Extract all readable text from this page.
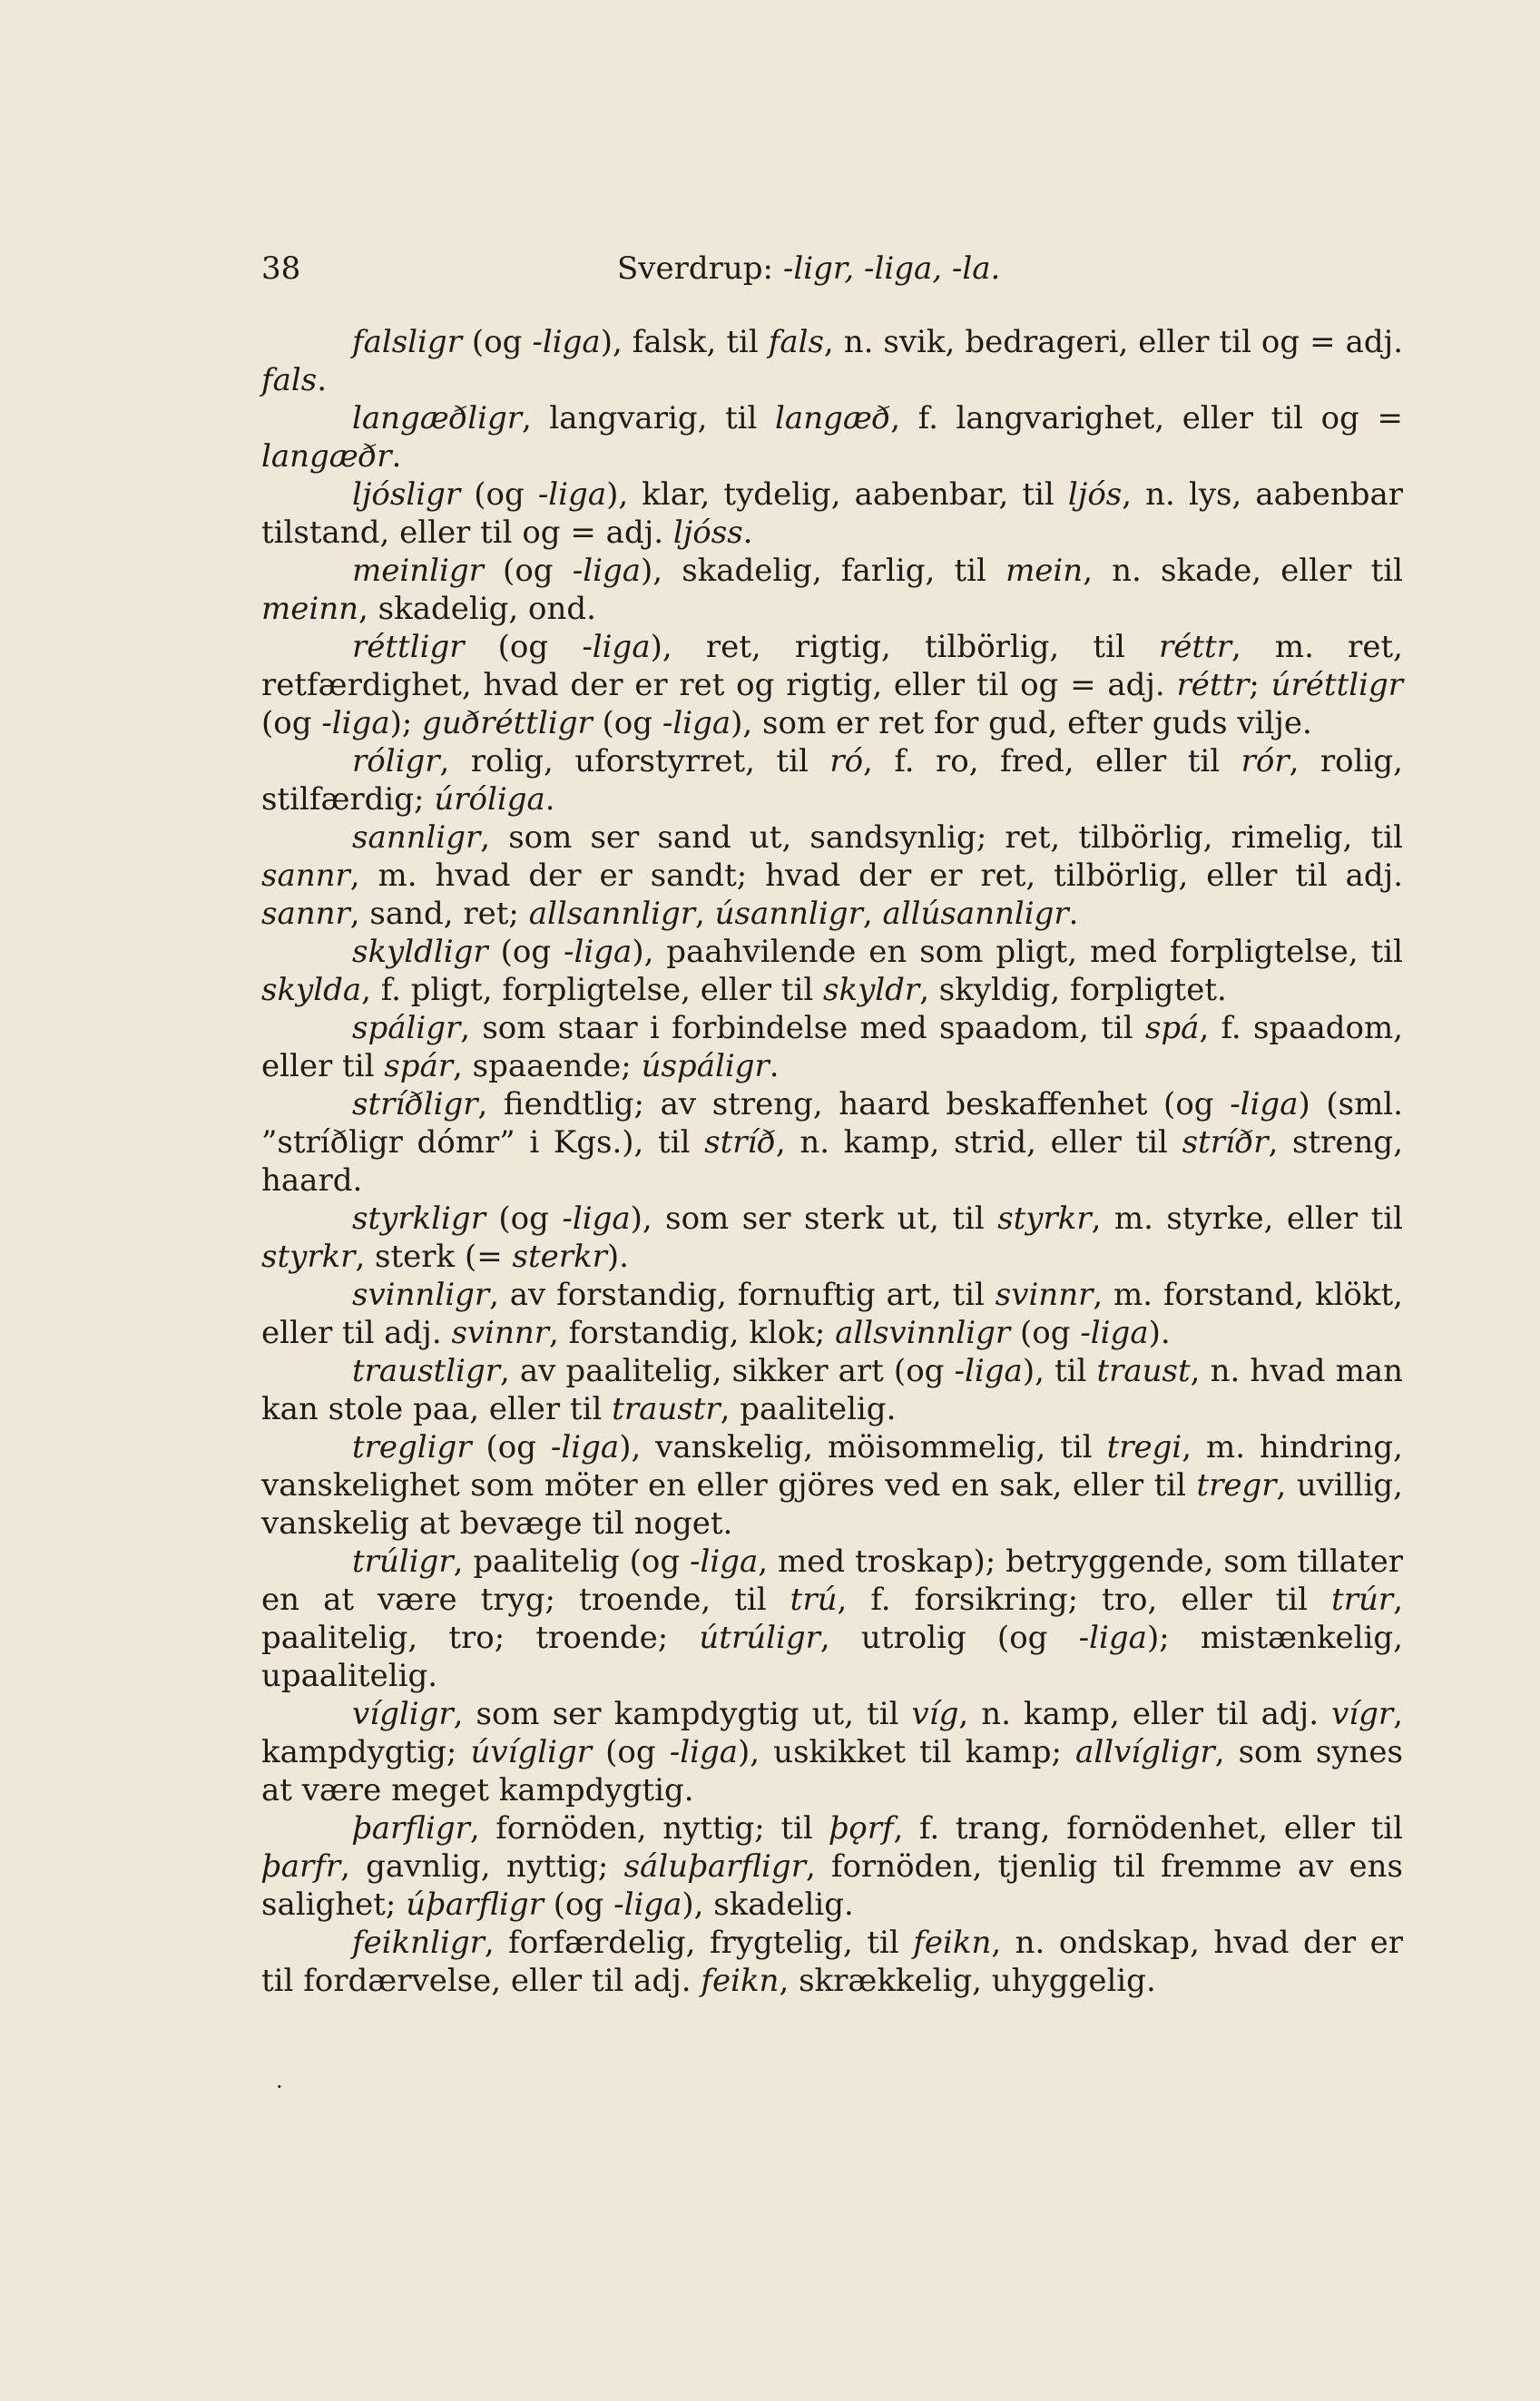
38	Sverdrup: -ligr, -liga, -la.

falsligr (og -liga), falsk, til fals, n. svik, bedrageri, eller til og = adj. fals.

langæðligr, langvarig, til langæð, f. langvarighet, eller til og = langæðr.

ljósligr (og -liga), klar, tydelig, aabenbar, til ljós, n. lys, aabenbar tilstand, eller til og = adj. ljóss.

meinligr (og -liga), skadelig, farlig, til mein, n. skade, eller til meinn, skadelig, ond.

réttligr (og -liga), ret, rigtig, tilbörlig, til réttr, m. ret, retfærdighet, hvad der er ret og rigtig, eller til og = adj. réttr; úréttligr (og -liga); guðréttligr (og -liga), som er ret for gud, efter guds vilje.

róligr, rolig, uforstyrret, til ró, f. ro, fred, eller til rór, rolig, stilfærdig; úróliga.

sannligr, som ser sand ut, sandsynlig; ret, tilbörlig, rimelig, til sannr, m. hvad der er sandt; hvad der er ret, tilbörlig, eller til adj. sannr, sand, ret; allsannligr, úsannligr, allúsannligr.

skyldligr (og -liga), paahvilende en som pligt, med forpligtelse, til skylda, f. pligt, forpligtelse, eller til skyldr, skyldig, forpligtet.

spáligr, som staar i forbindelse med spaadom, til spá, f. spaadom, eller til spár, spaaende; úspáligr.

stríðligr, fiendtlig; av streng, haard beskaffenhet (og -liga) (sml. ”stríðligr dómr” i Kgs.), til stríð, n. kamp, strid, eller til stríðr, streng, haard.

styrkligr (og -liga), som ser sterk ut, til styrkr, m. styrke, eller til styrkr, sterk (= sterkr).

svinnligr, av forstandig, fornuftig art, til svinnr, m. forstand, klökt, eller til adj. svinnr, forstandig, klok; allsvinnligr (og -liga).

traustligr, av paalitelig, sikker art (og -liga), til traust, n. hvad man kan stole paa, eller til traustr, paalitelig.

tregligr (og -liga), vanskelig, möisommelig, til tregi, m. hindring, vanskelighet som möter en eller gjöres ved en sak, eller til tregr, uvillig, vanskelig at bevæge til noget.

trúligr, paalitelig (og -liga, med troskap); betryggende, som tillater en at være tryg; troende, til trú, f. forsikring; tro, eller til trúr, paalitelig, tro; troende; útrúligr, utrolig (og -liga); mistænkelig, upaalitelig.

vígligr, som ser kampdygtig ut, til víg, n. kamp, eller til adj. vígr, kampdygtig; úvígligr (og -liga), uskikket til kamp; allvígligr, som synes at være meget kampdygtig.

þarfligr, fornöden, nyttig; til þǫrf, f. trang, fornödenhet, eller til þarfr, gavnlig, nyttig; sáluþarfligr, fornöden, tjenlig til fremme av ens salighet; úþarfligr (og -liga), skadelig.

feiknligr, forfærdelig, frygtelig, til feikn, n. ondskap, hvad der er til fordærvelse, eller til adj. feikn, skrækkelig, uhyggelig.

·
